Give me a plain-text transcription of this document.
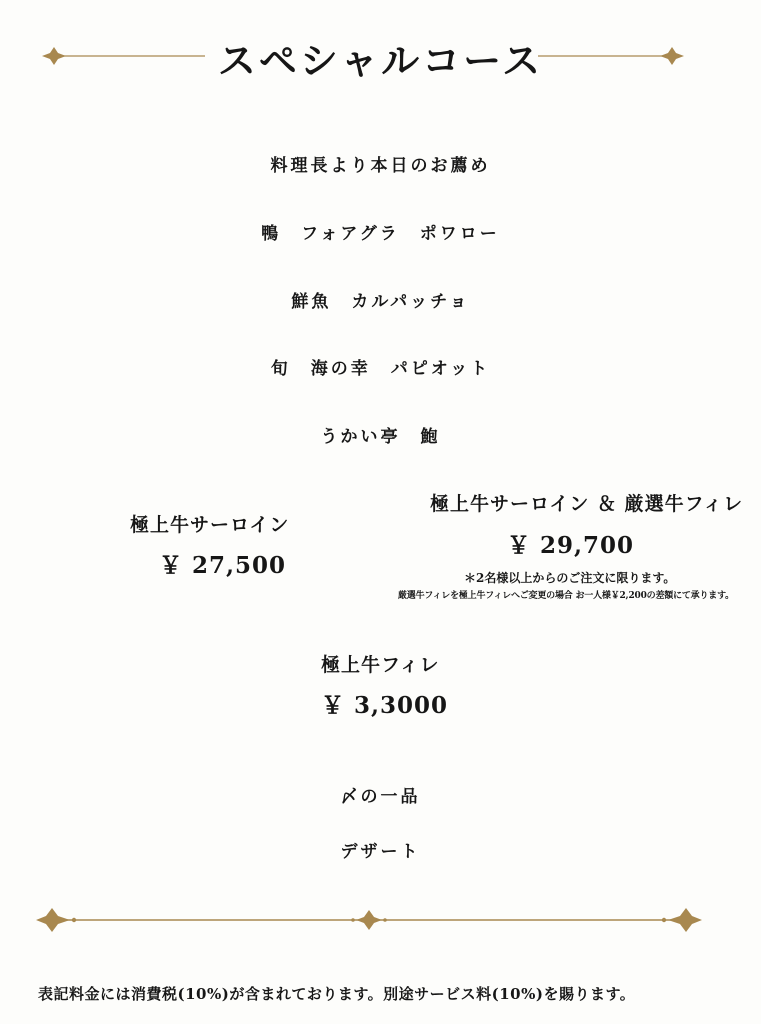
スペシャルコース
料理長より本日のお薦め
鴨　フォアグラ　ポワロー
鮮魚　カルパッチョ
旬　海の幸　パピオット
うかい亭　鮑
極上牛サーロイン
￥ 27,500
極上牛サーロイン ＆ 厳選牛フィレ
￥ 29,700
＊2名様以上からのご注文に限ります。
厳選牛フィレを極上牛フィレへご変更の場合 お一人様￥2,200の差額にて承ります。
極上牛フィレ
￥ 3,3000
〆の一品
デザート
表記料金には消費税(10%)が含まれております。別途サービス料(10%)を賜ります。
